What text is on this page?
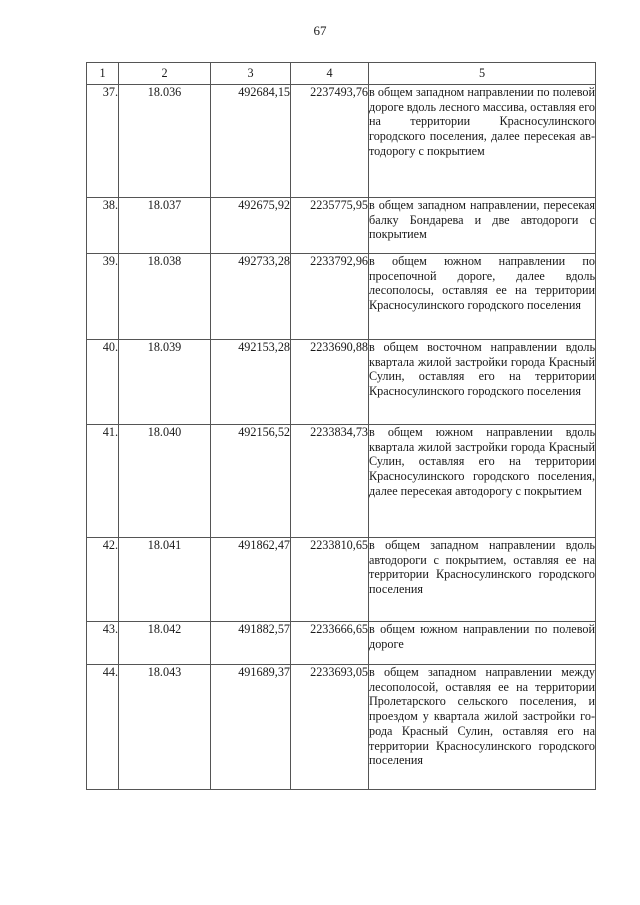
67
1	2	3	4	5
37.	18.036	492684,15	2237493,76	в общем западном направлении по полевой дороге вдоль лесного массива, оставляя его на территории Красносулинского городского поселения, далее пересекая автодорогу с покрытием
38.	18.037	492675,92	2235775,95	в общем западном направлении, пересекая балку Бондарева и две автодороги с покрытием
39.	18.038	492733,28	2233792,96	в общем южном направлении по просепочной дороге, далее вдоль лесополосы, оставляя ее на территории Красносулинского городского поселения
40.	18.039	492153,28	2233690,88	в общем восточном направлении вдоль квартала жилой застройки города Красный Сулин, оставляя его на территории Красносулинского городского поселения
41.	18.040	492156,52	2233834,73	в общем южном направлении вдоль квартала жилой застройки города Красный Сулин, оставляя его на территории Красносулинского городского поселения, далее пересекая автодорогу с покрытием
42.	18.041	491862,47	2233810,65	в общем западном направлении вдоль автодороги с покрытием, оставляя ее на территории Красносулинского городского поселения
43.	18.042	491882,57	2233666,65	в общем южном направлении по полевой дороге
44.	18.043	491689,37	2233693,05	в общем западном направлении между лесополосой, оставляя ее на территории Пролетарского сельского поселения, и проездом у квартала жилой застройки города Красный Сулин, оставляя его на территории Красносулинского городского поселения
